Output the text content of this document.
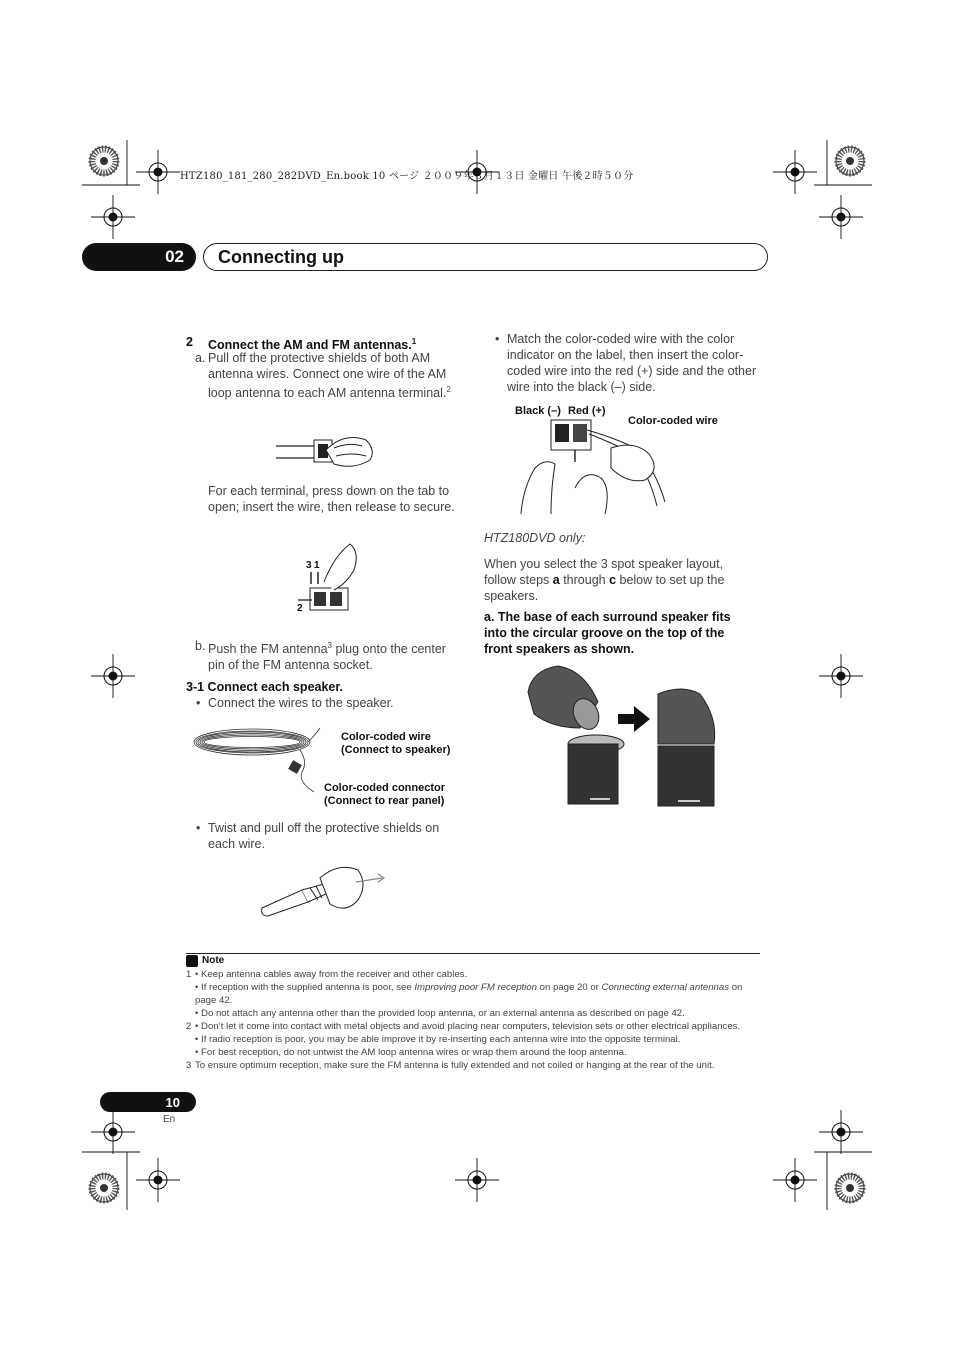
HTZ180_181_280_282DVD_En.book 10 ページ ２００９年３月１３日 金曜日 午後２時５０分
02	Connecting up
2 Connect the AM and FM antennas.$^1$
a. Pull off the protective shields of both AM antenna wires. Connect one wire of the AM loop antenna to each AM antenna terminal.$^2$
For each terminal, press down on the tab to open; insert the wire, then release to secure.
3 1
2
b. Push the FM antenna$^3$ plug onto the center pin of the FM antenna socket.
3-1 Connect each speaker.
• Connect the wires to the speaker.
Color-coded wire
(Connect to speaker)
Color-coded connector
(Connect to rear panel)
• Twist and pull off the protective shields on each wire.
• Match the color-coded wire with the color indicator on the label, then insert the color-coded wire into the red (+) side and the other wire into the black (–) side.
Black (–) Red (+)
Color-coded wire
HTZ180DVD only:
When you select the 3 spot speaker layout, follow steps a through c below to set up the speakers.
a. The base of each surround speaker fits into the circular groove on the top of the front speakers as shown.
Note
1 • Keep antenna cables away from the receiver and other cables.
• If reception with the supplied antenna is poor, see Improving poor FM reception on page 20 or Connecting external antennas on page 42.
• Do not attach any antenna other than the provided loop antenna, or an external antenna as described on page 42.
2 • Don’t let it come into contact with metal objects and avoid placing near computers, television sets or other electrical appliances.
• If radio reception is poor, you may be able improve it by re-inserting each antenna wire into the opposite terminal.
• For best reception, do not untwist the AM loop antenna wires or wrap them around the loop antenna.
3 To ensure optimum reception, make sure the FM antenna is fully extended and not coiled or hanging at the rear of the unit.
10
En
